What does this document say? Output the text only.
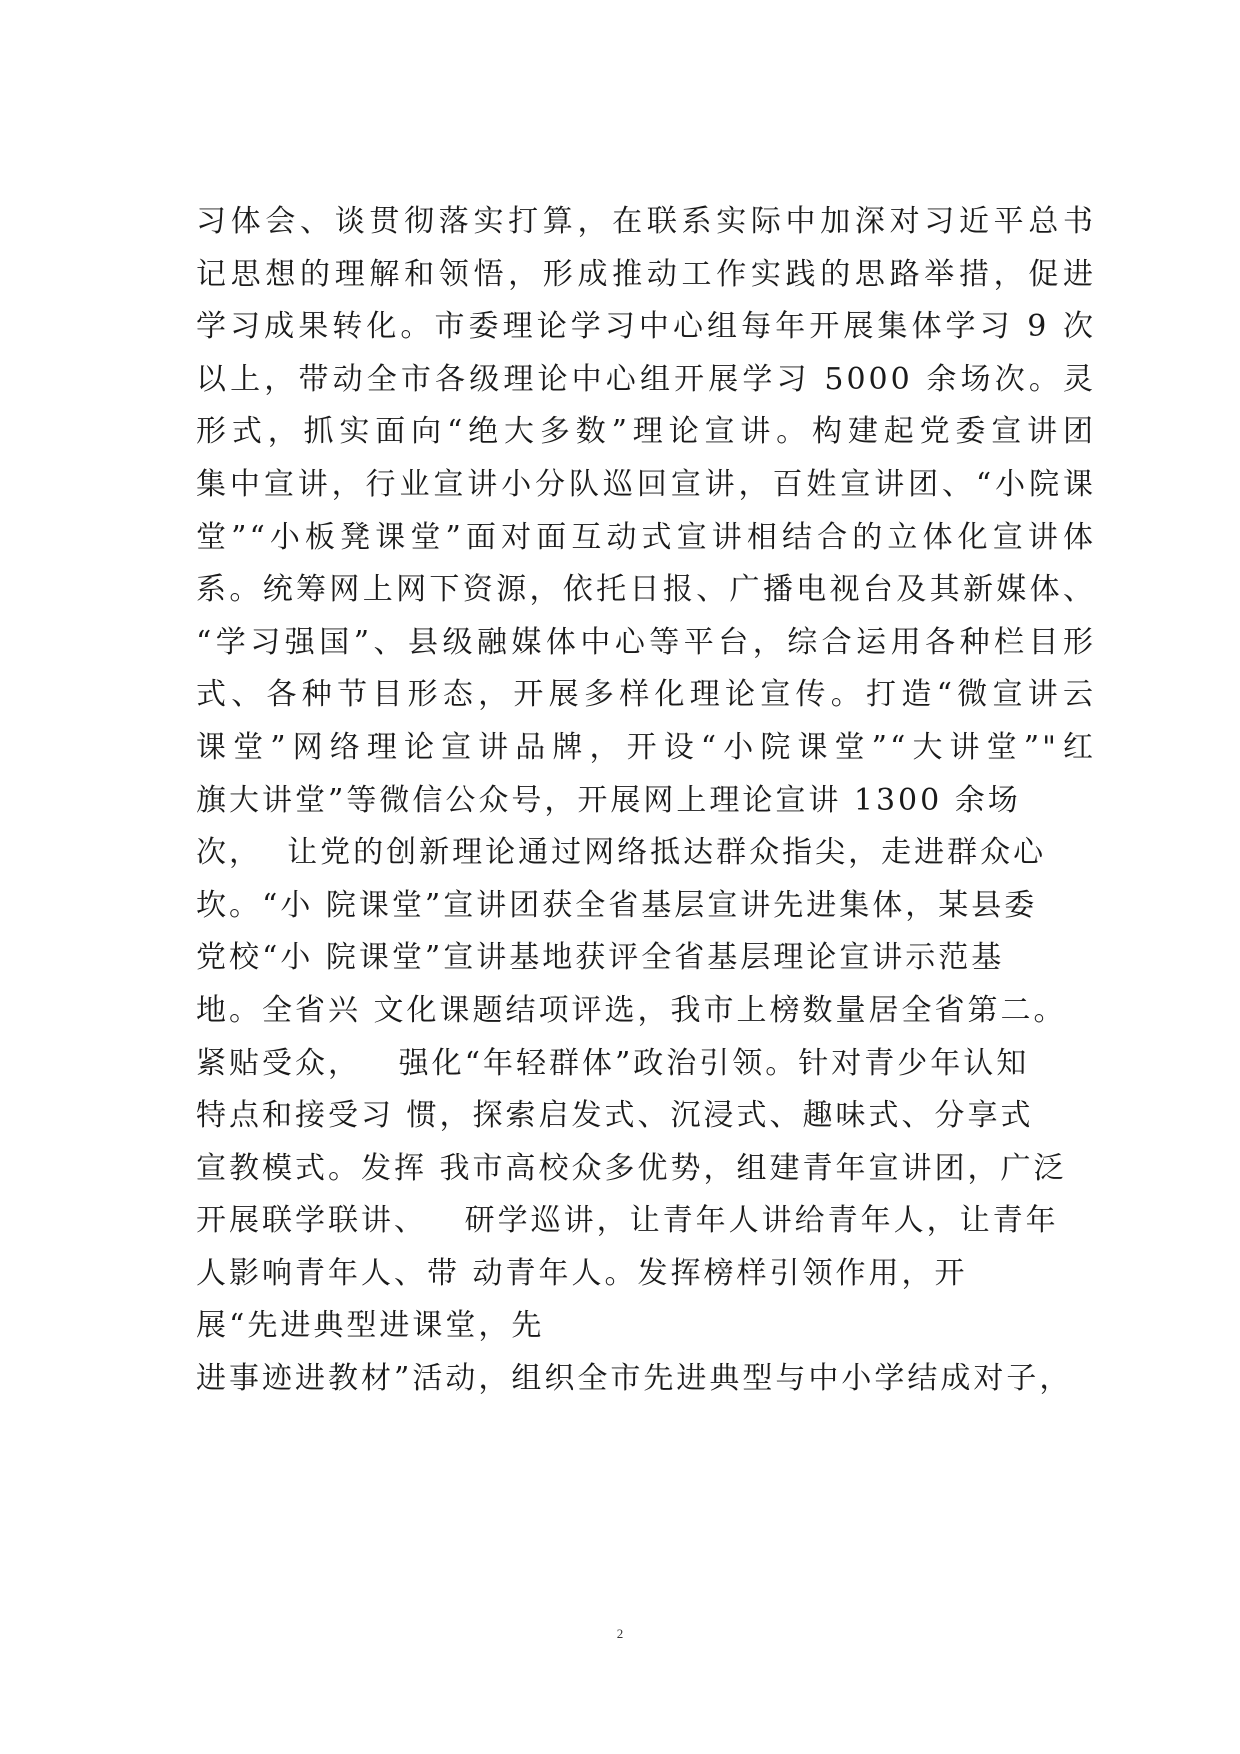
习体会、谈贯彻落实打算，在联系实际中加深对习近平总书
记思想的理解和领悟，形成推动工作实践的思路举措，促进
学习成果转化。市委理论学习中心组每年开展集体学习 9 次
以上，带动全市各级理论中心组开展学习 5000 余场次。灵
形式，抓实面向“绝大多数”理论宣讲。构建起党委宣讲团
集中宣讲，行业宣讲小分队巡回宣讲，百姓宣讲团、“小院课
堂”“小板凳课堂”面对面互动式宣讲相结合的立体化宣讲体
系。统筹网上网下资源，依托日报、广播电视台及其新媒体、
“学习强国”、县级融媒体中心等平台，综合运用各种栏目形
式、各种节目形态，开展多样化理论宣传。打造“微宣讲云
课堂”网络理论宣讲品牌，开设“小院课堂”“大讲堂”"红
旗大讲堂”等微信公众号，开展网上理论宣讲 1300 余场
次，  让党的创新理论通过网络抵达群众指尖，走进群众心
坎。“小 院课堂”宣讲团获全省基层宣讲先进集体，某县委
党校“小 院课堂”宣讲基地获评全省基层理论宣讲示范基
地。全省兴 文化课题结项评选，我市上榜数量居全省第二。
紧贴受众，   强化“年轻群体”政治引领。针对青少年认知
特点和接受习 惯，探索启发式、沉浸式、趣味式、分享式
宣教模式。发挥 我市高校众多优势，组建青年宣讲团，广泛
开展联学联讲、   研学巡讲，让青年人讲给青年人，让青年
人影响青年人、带 动青年人。发挥榜样引领作用，开
展“先进典型进课堂，先
进事迹进教材”活动，组织全市先进典型与中小学结成对子，
2
